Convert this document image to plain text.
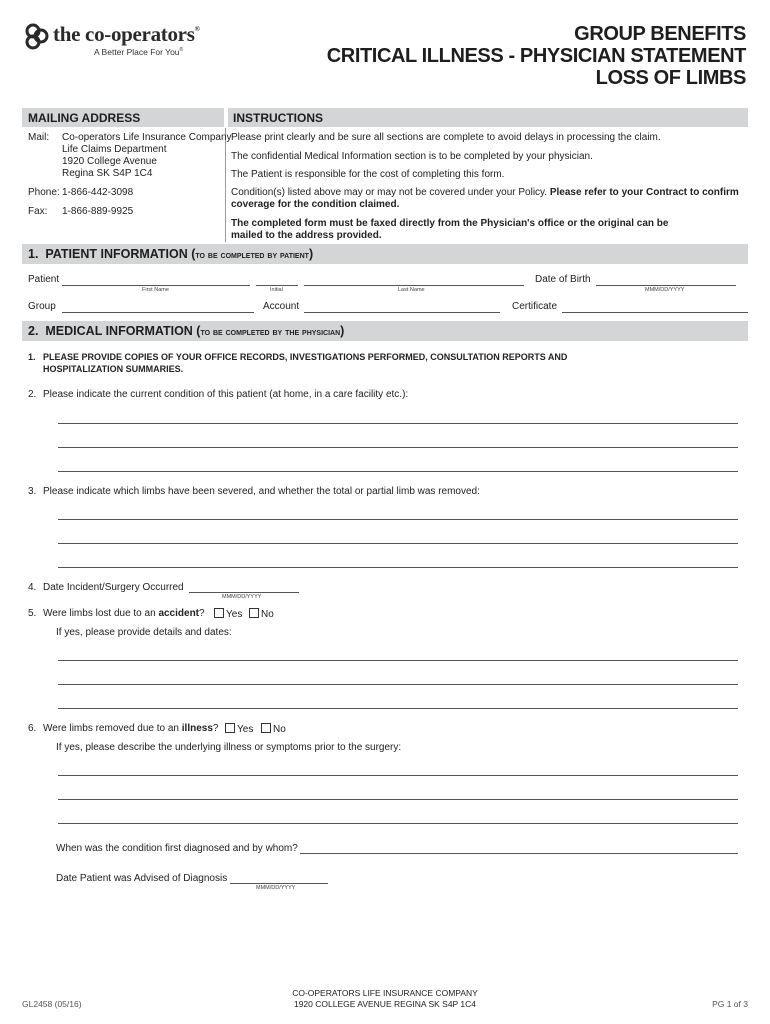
the co-operators®
A Better Place For You®
GROUP BENEFITS
CRITICAL ILLNESS - PHYSICIAN STATEMENT
LOSS OF LIMBS
MAILING ADDRESS	INSTRUCTIONS
Mail: Co-operators Life Insurance Company
Life Claims Department
1920 College Avenue
Regina SK S4P 1C4
Phone: 1-866-442-3098
Fax: 1-866-889-9925
Please print clearly and be sure all sections are complete to avoid delays in processing the claim.
The confidential Medical Information section is to be completed by your physician.
The Patient is responsible for the cost of completing this form.
Condition(s) listed above may or may not be covered under your Policy. Please refer to your Contract to confirm coverage for the condition claimed.
The completed form must be faxed directly from the Physician's office or the original can be mailed to the address provided.
1. PATIENT INFORMATION (to be completed by patient)
Patient
First Name	Initial	Last Name
Date of Birth
MMM/DD/YYYY
Group	Account	Certificate
2. MEDICAL INFORMATION (to be completed by the physician)
1. PLEASE PROVIDE COPIES OF YOUR OFFICE RECORDS, INVESTIGATIONS PERFORMED, CONSULTATION REPORTS AND HOSPITALIZATION SUMMARIES.
2. Please indicate the current condition of this patient (at home, in a care facility etc.):
3. Please indicate which limbs have been severed, and whether the total or partial limb was removed:
4. Date Incident/Surgery Occurred
MMM/DD/YYYY
5. Were limbs lost due to an accident?	Yes	No
If yes, please provide details and dates:
6. Were limbs removed due to an illness?	Yes	No
If yes, please describe the underlying illness or symptoms prior to the surgery:
When was the condition first diagnosed and by whom?
Date Patient was Advised of Diagnosis
MMM/DD/YYYY
GL2458 (05/16)
CO-OPERATORS LIFE INSURANCE COMPANY
1920 COLLEGE AVENUE REGINA SK S4P 1C4	PG 1 of 3
